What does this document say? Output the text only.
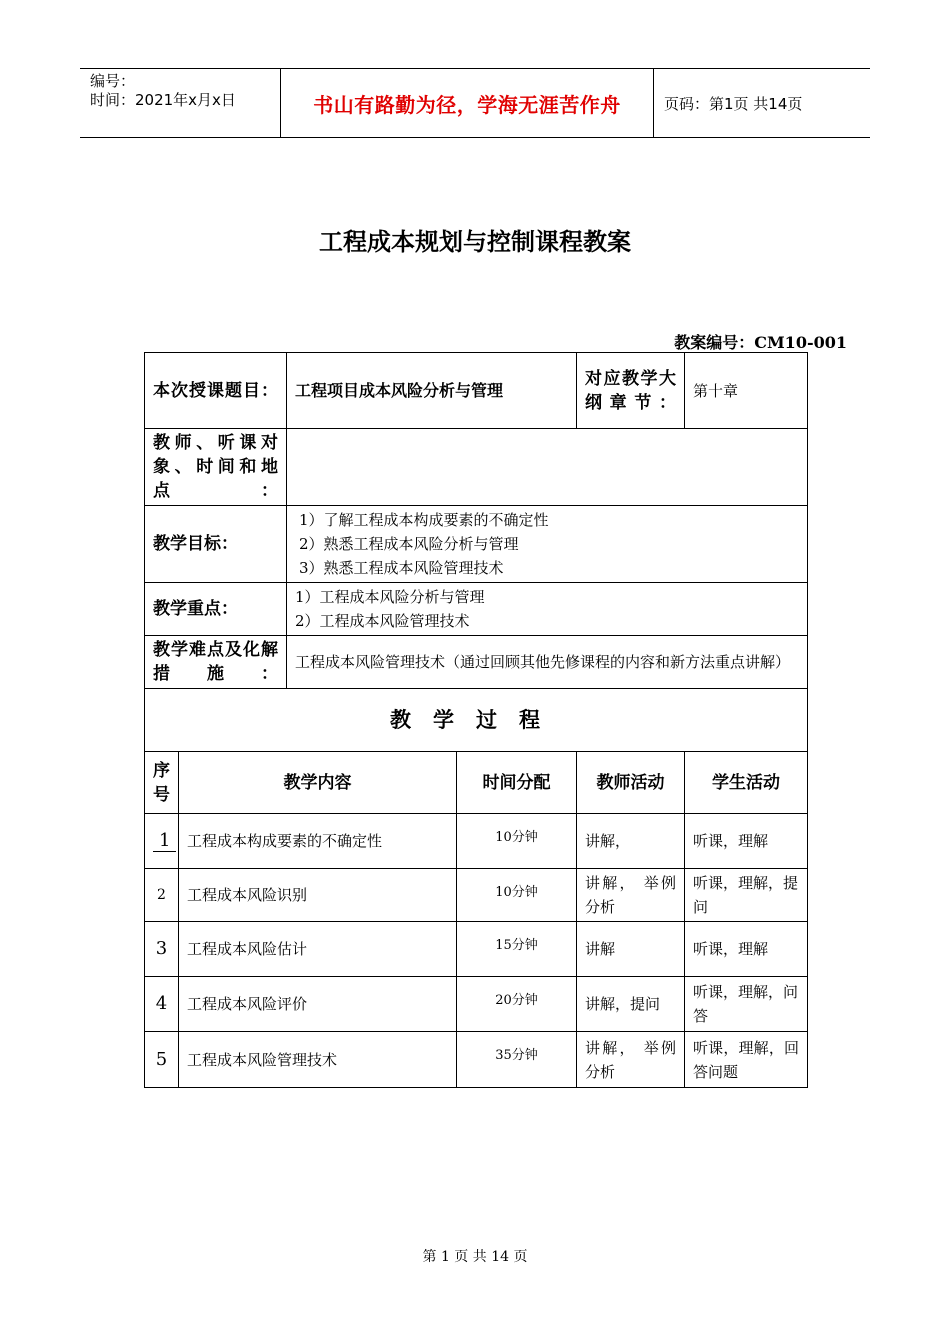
编号：
时间：2021年x月x日	书山有路勤为径，学海无涯苦作舟	页码：第1页 共14页
工程成本规划与控制课程教案
教案编号：CM10-001
本次授课题目：		工程项目成本风险分析与管理		对应教学大纲章节：	第十章
教师、听课对象、时间和地点：					
教学目标：		1）了解工程成本构成要素的不确定性
2）熟悉工程成本风险分析与管理
3）熟悉工程成本风险管理技术			

教学重点：		1）工程成本风险分析与管理
2）工程成本风险管理技术			

教学难点及化解措施：		工程成本风险管理技术（通过回顾其他先修课程的内容和新方法重点讲解）			
教学过程					
序号	教学内容		时间分配	教师活动	学生活动
1	工程成本构成要素的不确定性		10分钟	讲解，	听课，理解
2	工程成本风险识别		10分钟	讲解， 举例分析	听课，理解，提问
3	工程成本风险估计		15分钟	讲解	听课，理解
4	工程成本风险评价		20分钟	讲解，提问	听课，理解，问答
5	工程成本风险管理技术		35分钟	讲解， 举例分析	听课，理解，回答问题
第 1 页 共 14 页
